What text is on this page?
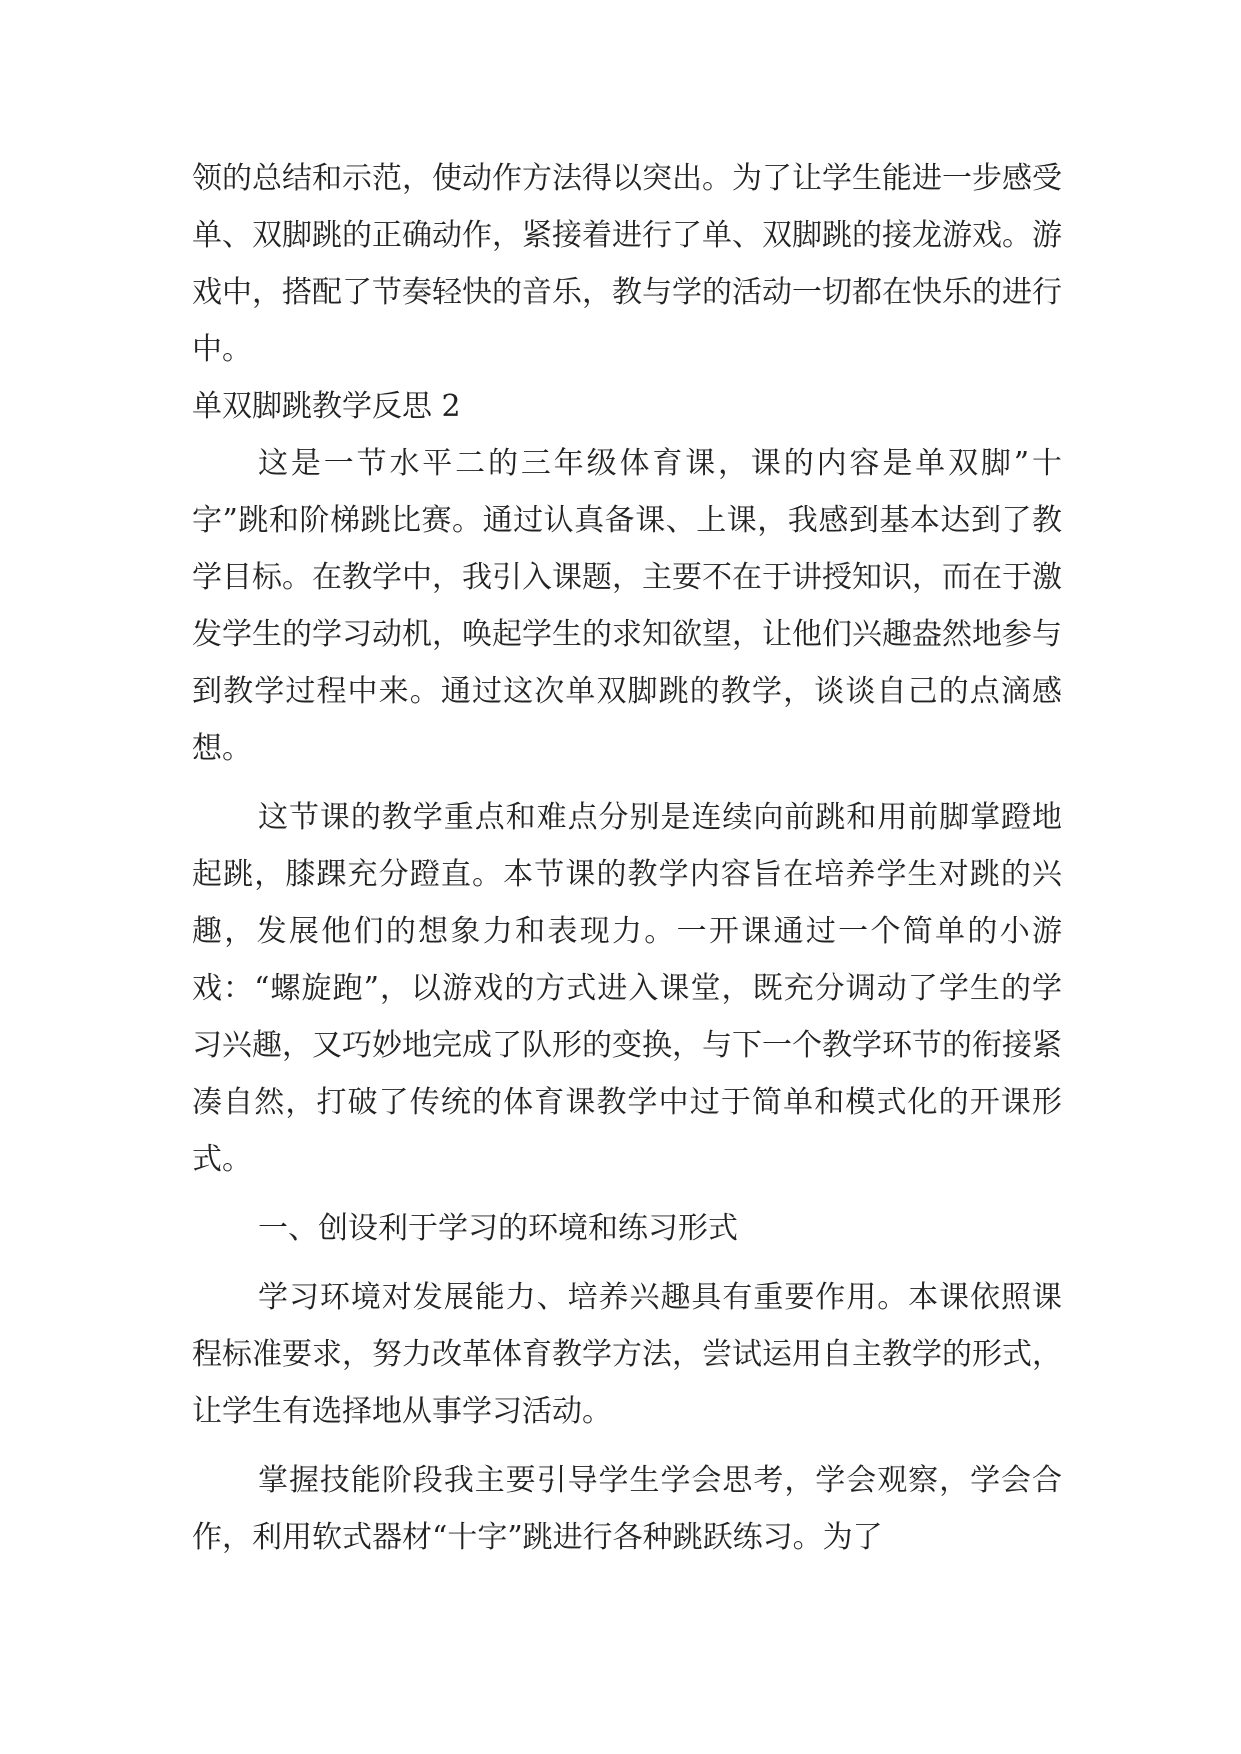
领的总结和示范，使动作方法得以突出。为了让学生能进一步感受单、双脚跳的正确动作，紧接着进行了单、双脚跳的接龙游戏。游戏中，搭配了节奏轻快的音乐，教与学的活动一切都在快乐的进行中。

单双脚跳教学反思 2

这是一节水平二的三年级体育课，课的内容是单双脚”十字”跳和阶梯跳比赛。通过认真备课、上课，我感到基本达到了教学目标。在教学中，我引入课题，主要不在于讲授知识，而在于激发学生的学习动机，唤起学生的求知欲望，让他们兴趣盎然地参与到教学过程中来。通过这次单双脚跳的教学，谈谈自己的点滴感想。

这节课的教学重点和难点分别是连续向前跳和用前脚掌蹬地起跳，膝踝充分蹬直。本节课的教学内容旨在培养学生对跳的兴趣，发展他们的想象力和表现力。一开课通过一个简单的小游戏：“螺旋跑”，以游戏的方式进入课堂，既充分调动了学生的学习兴趣，又巧妙地完成了队形的变换，与下一个教学环节的衔接紧凑自然，打破了传统的体育课教学中过于简单和模式化的开课形式。

一、创设利于学习的环境和练习形式

学习环境对发展能力、培养兴趣具有重要作用。本课依照课程标准要求，努力改革体育教学方法，尝试运用自主教学的形式，让学生有选择地从事学习活动。

掌握技能阶段我主要引导学生学会思考，学会观察，学会合作，利用软式器材“十字”跳进行各种跳跃练习。为了
